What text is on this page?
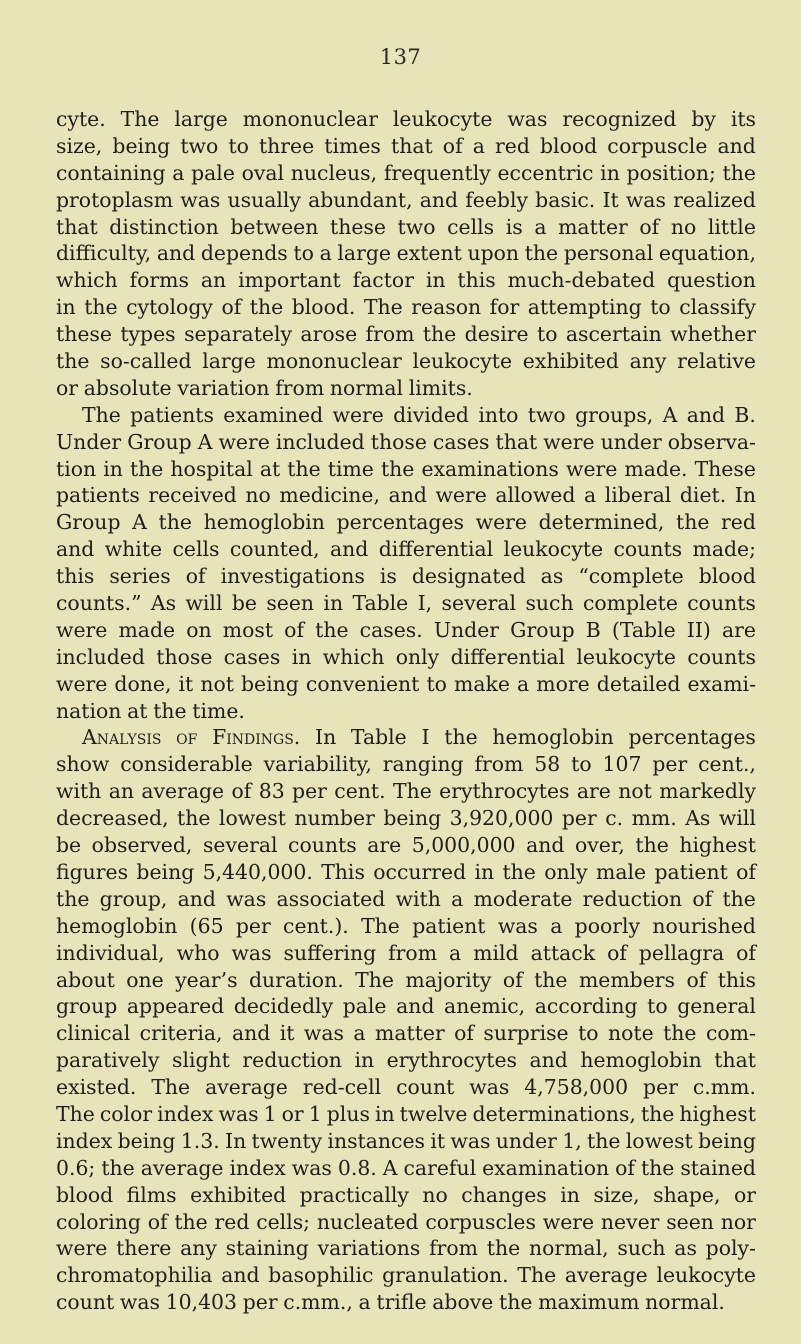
137
cyte. The large mononuclear leukocyte was recognized by its
size, being two to three times that of a red blood corpuscle and
containing a pale oval nucleus, frequently eccentric in position; the
protoplasm was usually abundant, and feebly basic. It was realized
that distinction between these two cells is a matter of no little
difficulty, and depends to a large extent upon the personal equation,
which forms an important factor in this much-debated question
in the cytology of the blood. The reason for attempting to classify
these types separately arose from the desire to ascertain whether
the so-called large mononuclear leukocyte exhibited any relative
or absolute variation from normal limits.
The patients examined were divided into two groups, A and B.
Under Group A were included those cases that were under observa-
tion in the hospital at the time the examinations were made. These
patients received no medicine, and were allowed a liberal diet. In
Group A the hemoglobin percentages were determined, the red
and white cells counted, and differential leukocyte counts made;
this series of investigations is designated as “complete blood
counts.” As will be seen in Table I, several such complete counts
were made on most of the cases. Under Group B (Table II) are
included those cases in which only differential leukocyte counts
were done, it not being convenient to make a more detailed exami-
nation at the time.
Analysis of Findings. In Table I the hemoglobin percentages
show considerable variability, ranging from 58 to 107 per cent.,
with an average of 83 per cent. The erythrocytes are not markedly
decreased, the lowest number being 3,920,000 per c. mm. As will
be observed, several counts are 5,000,000 and over, the highest
figures being 5,440,000. This occurred in the only male patient of
the group, and was associated with a moderate reduction of the
hemoglobin (65 per cent.). The patient was a poorly nourished
individual, who was suffering from a mild attack of pellagra of
about one year’s duration. The majority of the members of this
group appeared decidedly pale and anemic, according to general
clinical criteria, and it was a matter of surprise to note the com-
paratively slight reduction in erythrocytes and hemoglobin that
existed. The average red-cell count was 4,758,000 per c.mm.
The color index was 1 or 1 plus in twelve determinations, the highest
index being 1.3. In twenty instances it was under 1, the lowest being
0.6; the average index was 0.8. A careful examination of the stained
blood films exhibited practically no changes in size, shape, or
coloring of the red cells; nucleated corpuscles were never seen nor
were there any staining variations from the normal, such as poly-
chromatophilia and basophilic granulation. The average leukocyte
count was 10,403 per c.mm., a trifle above the maximum normal.
